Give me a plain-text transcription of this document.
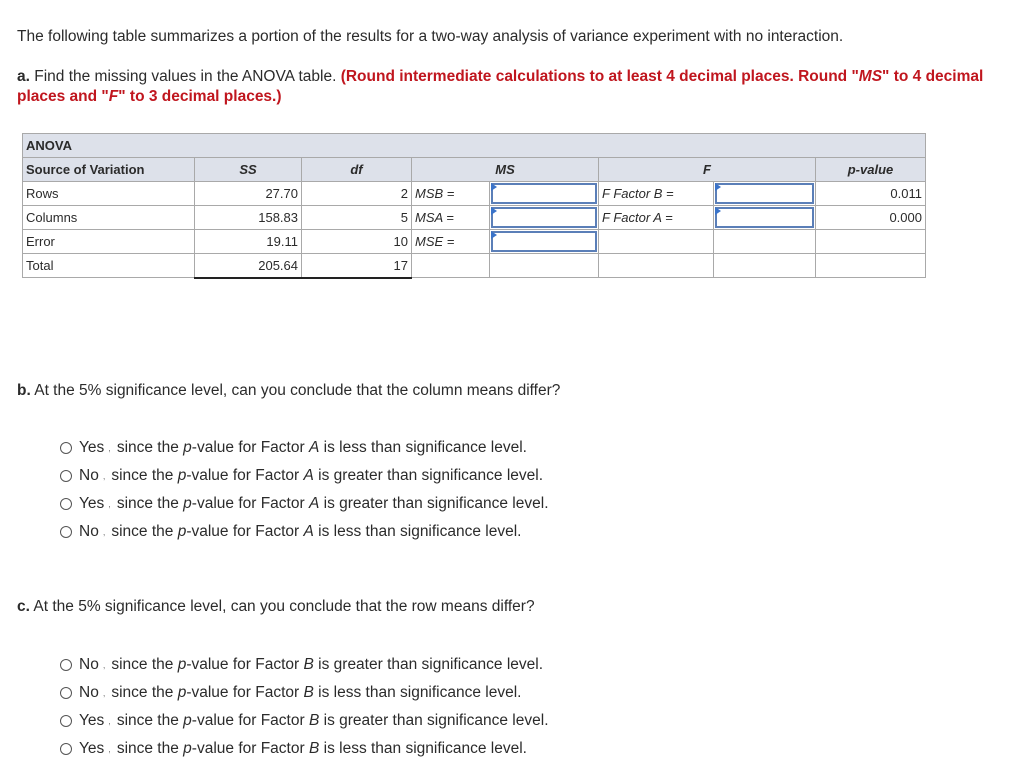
The following table summarizes a portion of the results for a two-way analysis of variance experiment with no interaction.
a. Find the missing values in the ANOVA table. (Round intermediate calculations to at least 4 decimal places. Round "MS" to 4 decimal places and "F" to 3 decimal places.)
ANOVA							
Source of Variation	SS	df	MS		F		p-value
Rows	27.70	2	MSB =		F Factor B =		0.011
Columns	158.83	5	MSA =		F Factor A =		0.000
Error	19.11	10	MSE =	

Total	205.64	17					
b. At the 5% significance level, can you conclude that the column means differ?
Yes , since the
p -value for Factor
A
is less than significance level.
No , since the
p -value for Factor
A
is greater than significance level.
Yes , since the
p -value for Factor
A
is greater than significance level.
No , since the
p -value for Factor
A
is less than significance level.
c. At the 5% significance level, can you conclude that the row means differ?
No , since the
p -value for Factor
B
is greater than significance level.
No , since the
p -value for Factor
B
is less than significance level.
Yes , since the
p -value for Factor
B
is greater than significance level.
Yes , since the
p -value for Factor
B
is less than significance level.
